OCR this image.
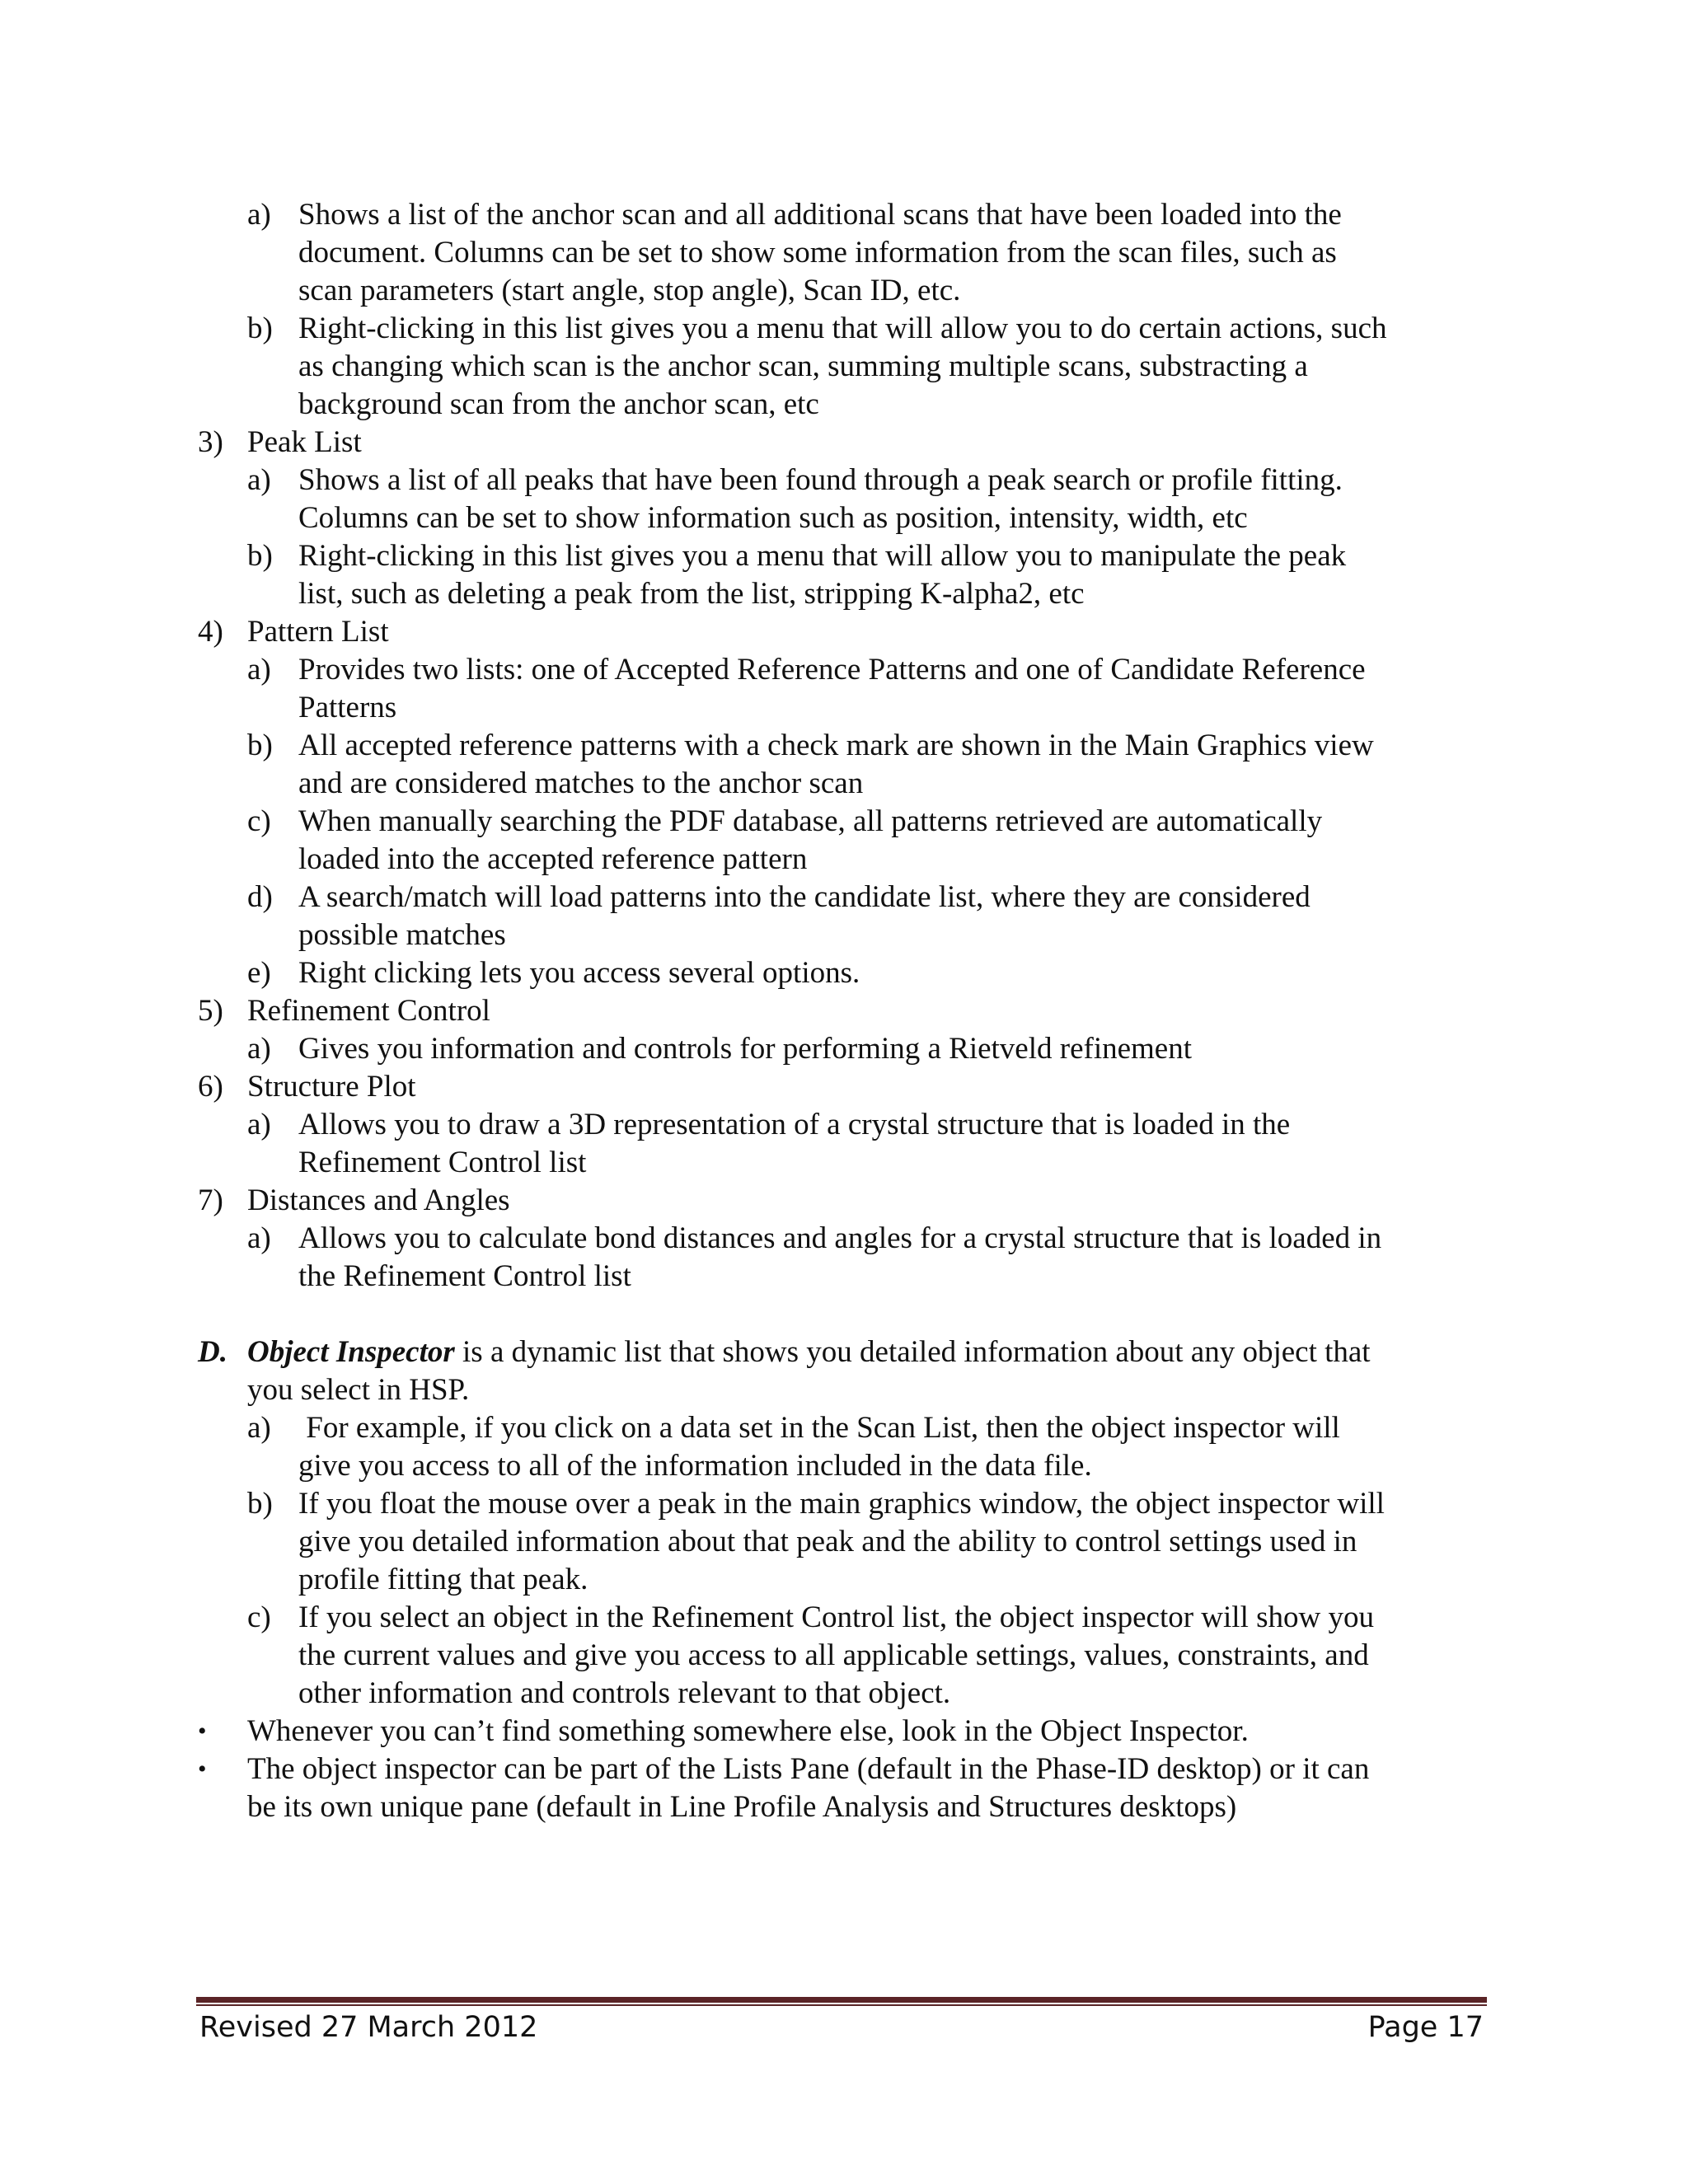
a) Shows a list of the anchor scan and all additional scans that have been loaded into the
document. Columns can be set to show some information from the scan files, such as
scan parameters (start angle, stop angle), Scan ID, etc.
b) Right-clicking in this list gives you a menu that will allow you to do certain actions, such
as changing which scan is the anchor scan, summing multiple scans, substracting a
background scan from the anchor scan, etc
3) Peak List
a) Shows a list of all peaks that have been found through a peak search or profile fitting.
Columns can be set to show information such as position, intensity, width, etc
b) Right-clicking in this list gives you a menu that will allow you to manipulate the peak
list, such as deleting a peak from the list, stripping K-alpha2, etc
4) Pattern List
a) Provides two lists: one of Accepted Reference Patterns and one of Candidate Reference
Patterns
b) All accepted reference patterns with a check mark are shown in the Main Graphics view
and are considered matches to the anchor scan
c) When manually searching the PDF database, all patterns retrieved are automatically
loaded into the accepted reference pattern
d) A search/match will load patterns into the candidate list, where they are considered
possible matches
e) Right clicking lets you access several options.
5) Refinement Control
a) Gives you information and controls for performing a Rietveld refinement
6) Structure Plot
a) Allows you to draw a 3D representation of a crystal structure that is loaded in the
Refinement Control list
7) Distances and Angles
a) Allows you to calculate bond distances and angles for a crystal structure that is loaded in
the Refinement Control list
D. Object Inspector is a dynamic list that shows you detailed information about any object that
you select in HSP.
a) For example, if you click on a data set in the Scan List, then the object inspector will
give you access to all of the information included in the data file.
b) If you float the mouse over a peak in the main graphics window, the object inspector will
give you detailed information about that peak and the ability to control settings used in
profile fitting that peak.
c) If you select an object in the Refinement Control list, the object inspector will show you
the current values and give you access to all applicable settings, values, constraints, and
other information and controls relevant to that object.
• Whenever you can’t find something somewhere else, look in the Object Inspector.
• The object inspector can be part of the Lists Pane (default in the Phase-ID desktop) or it can
be its own unique pane (default in Line Profile Analysis and Structures desktops)
Revised 27 March 2012	Page 17
